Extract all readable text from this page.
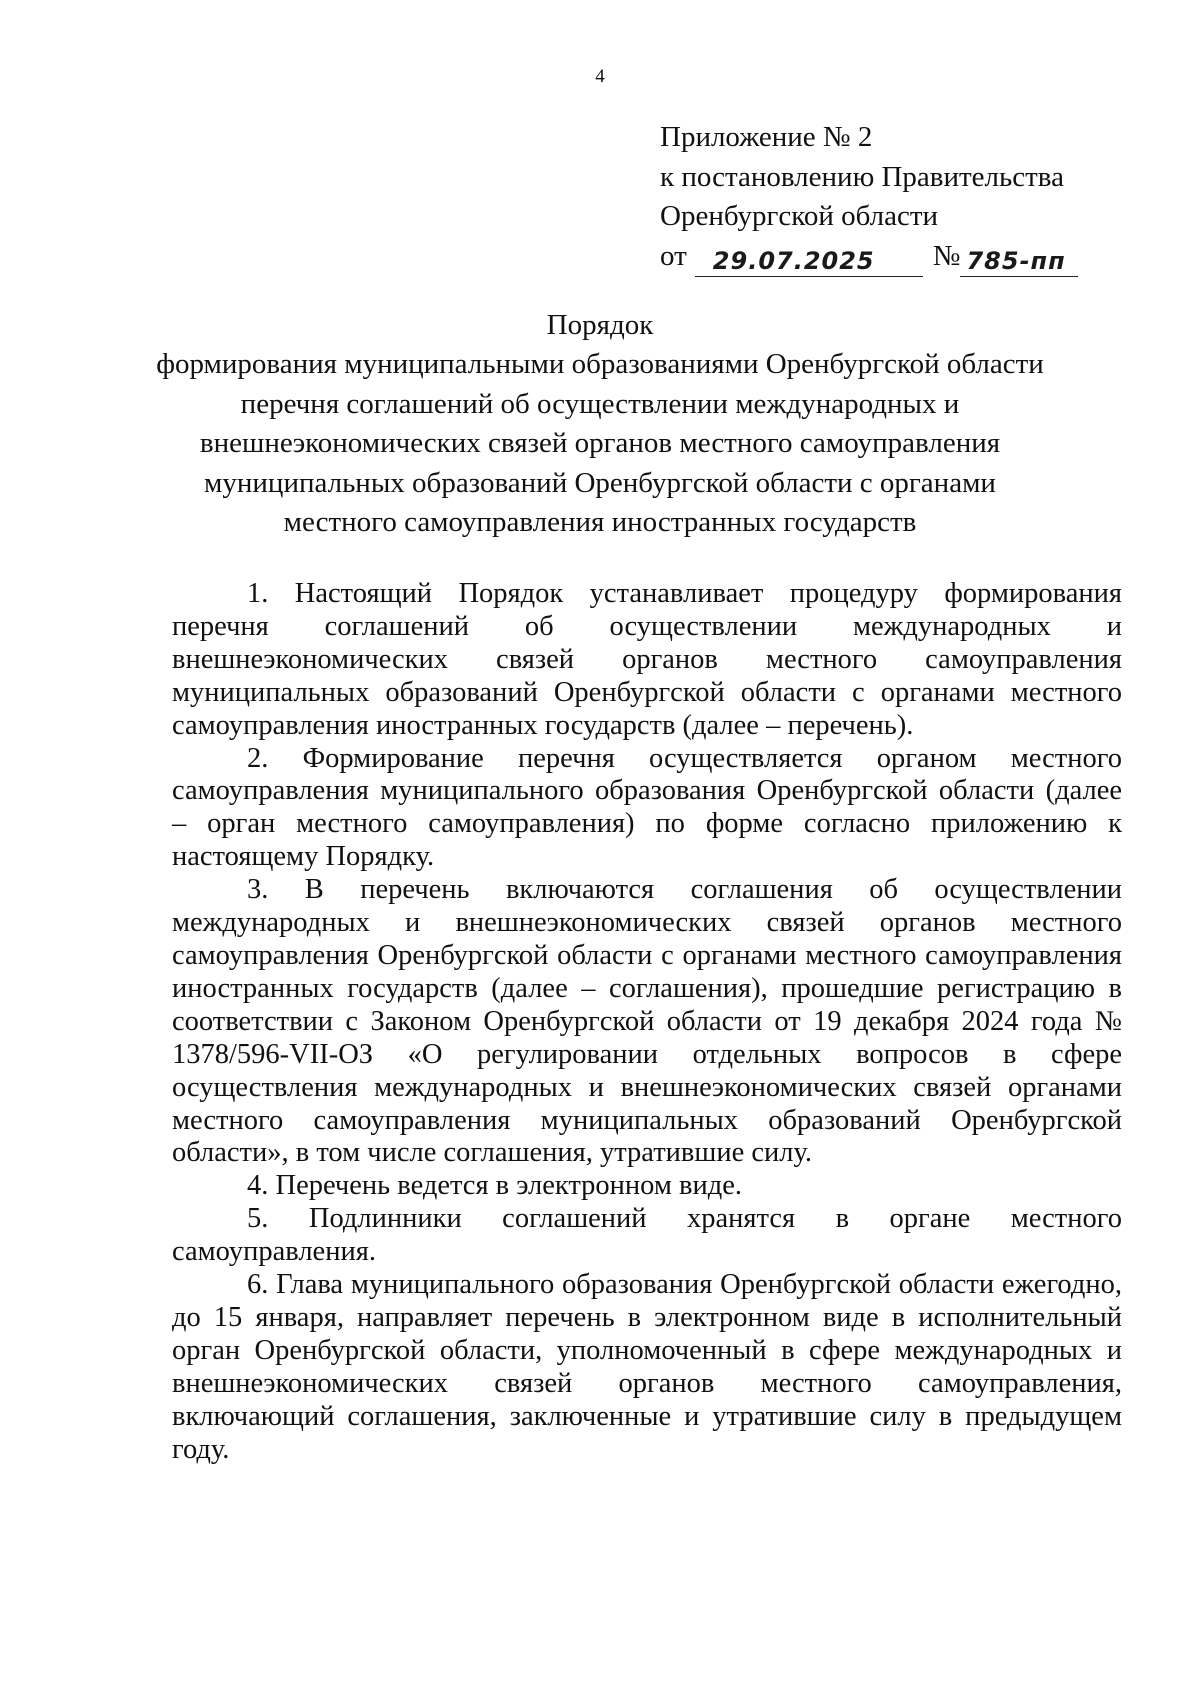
4
Приложение № 2
к постановлению Правительства
Оренбургской области
от	29.07.2025	№ 785-пп
Порядок
формирования муниципальными образованиями Оренбургской области
перечня соглашений об осуществлении международных и
внешнеэкономических связей органов местного самоуправления
муниципальных образований Оренбургской области с органами
местного самоуправления иностранных государств

1. Настоящий Порядок устанавливает процедуру формирования перечня соглашений об осуществлении международных и внешнеэкономических связей органов местного самоуправления муниципальных образований Оренбургской области с органами местного самоуправления иностранных государств (далее – перечень).

2. Формирование перечня осуществляется органом местного самоуправления муниципального образования Оренбургской области (далее – орган местного самоуправления) по форме согласно приложению к настоящему Порядку.

3. В перечень включаются соглашения об осуществлении международных и внешнеэкономических связей органов местного самоуправления Оренбургской области с органами местного самоуправления иностранных государств (далее – соглашения), прошедшие регистрацию в соответствии с Законом Оренбургской области от 19 декабря 2024 года № 1378/596-VII-ОЗ «О регулировании отдельных вопросов в сфере осуществления международных и внешнеэкономических связей органами местного самоуправления муниципальных образований Оренбургской области», в том числе соглашения, утратившие силу.

4. Перечень ведется в электронном виде.

5. Подлинники соглашений хранятся в органе местного самоуправления.

6. Глава муниципального образования Оренбургской области ежегодно, до 15 января, направляет перечень в электронном виде в исполнительный орган Оренбургской области, уполномоченный в сфере международных и внешнеэкономических связей органов местного самоуправления, включающий соглашения, заключенные и утратившие силу в предыдущем году.
